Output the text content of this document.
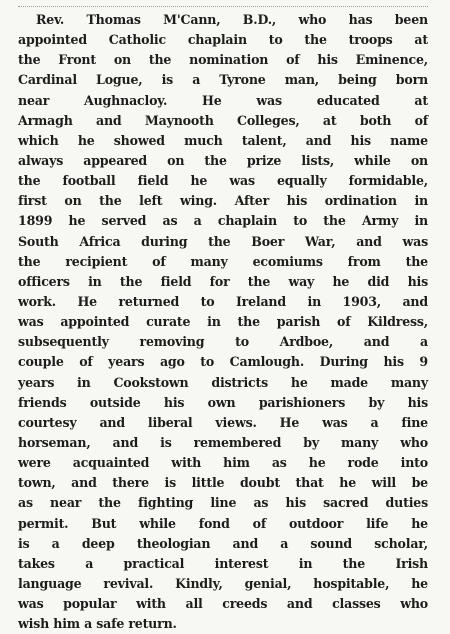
Rev. Thomas M'Cann, B.D., who has been
appointed Catholic chaplain to the troops at
the Front on the nomination of his Eminence,
Cardinal Logue, is a Tyrone man, being born
near Aughnacloy. He was educated at
Armagh and Maynooth Colleges, at both of
which he showed much talent, and his name
always appeared on the prize lists, while on
the football field he was equally formidable,
first on the left wing. After his ordination in
1899 he served as a chaplain to the Army in
South Africa during the Boer War, and was
the recipient of many ecomiums from the
officers in the field for the way he did his
work. He returned to Ireland in 1903, and
was appointed curate in the parish of Kildress,
subsequently removing to Ardboe, and a
couple of years ago to Camlough. During his 9
years in Cookstown districts he made many
friends outside his own parishioners by his
courtesy and liberal views. He was a fine
horseman, and is remembered by many who
were acquainted with him as he rode into
town, and there is little doubt that he will be
as near the fighting line as his sacred duties
permit. But while fond of outdoor life he
is a deep theologian and a sound scholar,
takes a practical interest in the Irish
language revival. Kindly, genial, hospitable, he
was popular with all creeds and classes who
wish him a safe return.
